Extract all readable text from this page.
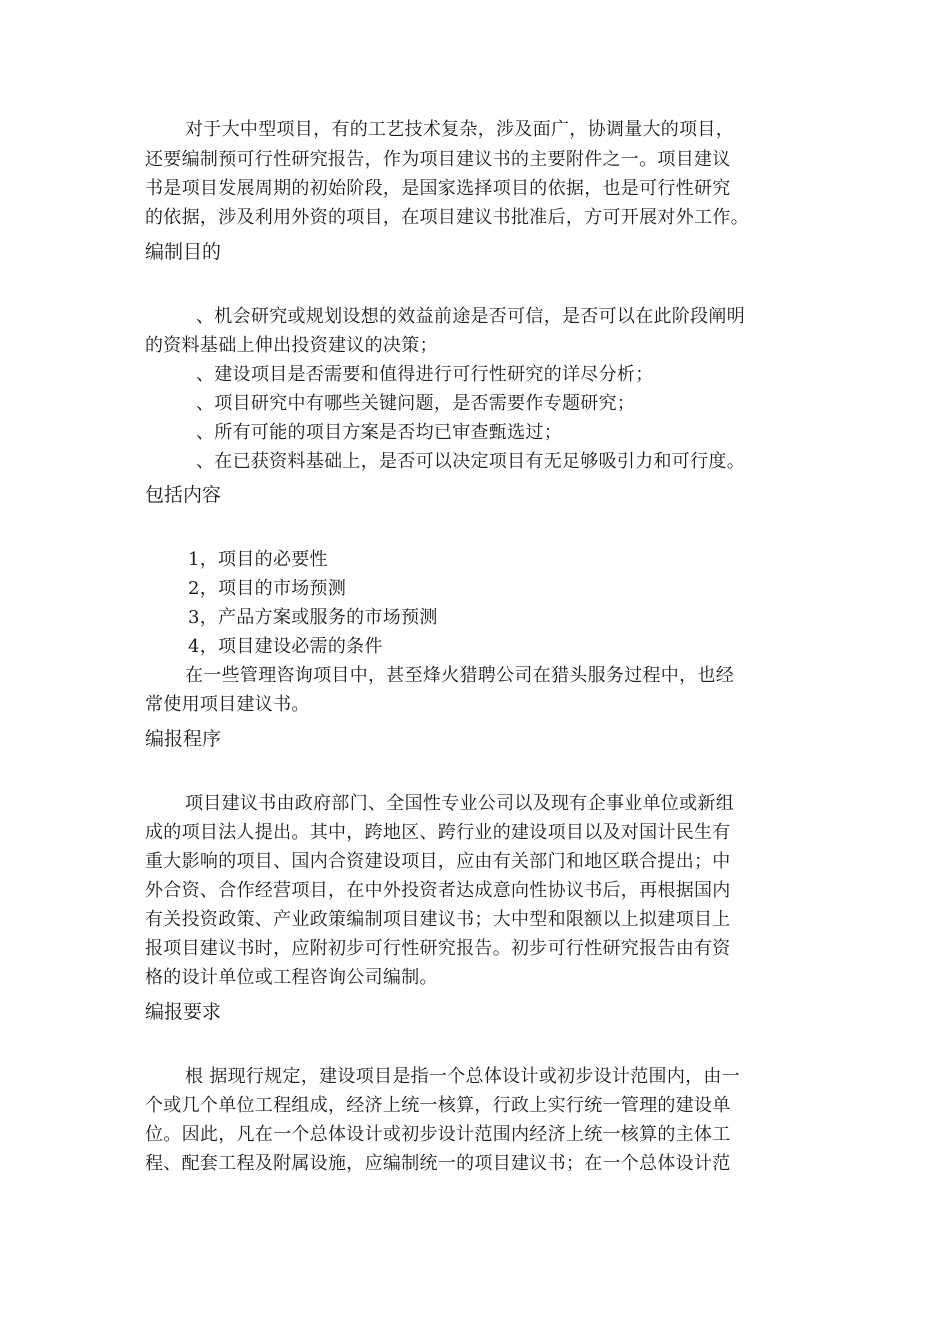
对于大中型项目，有的工艺技术复杂，涉及面广，协调量大的项目，
还要编制预可行性研究报告，作为项目建议书的主要附件之一。项目建议
书是项目发展周期的初始阶段，是国家选择项目的依据，也是可行性研究
的依据，涉及利用外资的项目，在项目建议书批准后，方可开展对外工作。
编制目的
、机会研究或规划设想的效益前途是否可信，是否可以在此阶段阐明
的资料基础上伸出投资建议的决策；
、建设项目是否需要和值得进行可行性研究的详尽分析；
、项目研究中有哪些关键问题，是否需要作专题研究；
、所有可能的项目方案是否均已审查甄选过；
、在已获资料基础上，是否可以决定项目有无足够吸引力和可行度。
包括内容
1，项目的必要性
2，项目的市场预测
3，产品方案或服务的市场预测
4，项目建设必需的条件
在一些管理咨询项目中，甚至烽火猎聘公司在猎头服务过程中，也经
常使用项目建议书。
编报程序
项目建议书由政府部门、全国性专业公司以及现有企事业单位或新组
成的项目法人提出。其中，跨地区、跨行业的建设项目以及对国计民生有
重大影响的项目、国内合资建设项目，应由有关部门和地区联合提出；中
外合资、合作经营项目，在中外投资者达成意向性协议书后，再根据国内
有关投资政策、产业政策编制项目建议书；大中型和限额以上拟建项目上
报项目建议书时，应附初步可行性研究报告。初步可行性研究报告由有资
格的设计单位或工程咨询公司编制。
编报要求
根 据现行规定，建设项目是指一个总体设计或初步设计范围内，由一
个或几个单位工程组成，经济上统一核算，行政上实行统一管理的建设单
位。因此，凡在一个总体设计或初步设计范围内经济上统一核算的主体工
程、配套工程及附属设施，应编制统一的项目建议书；在一个总体设计范
